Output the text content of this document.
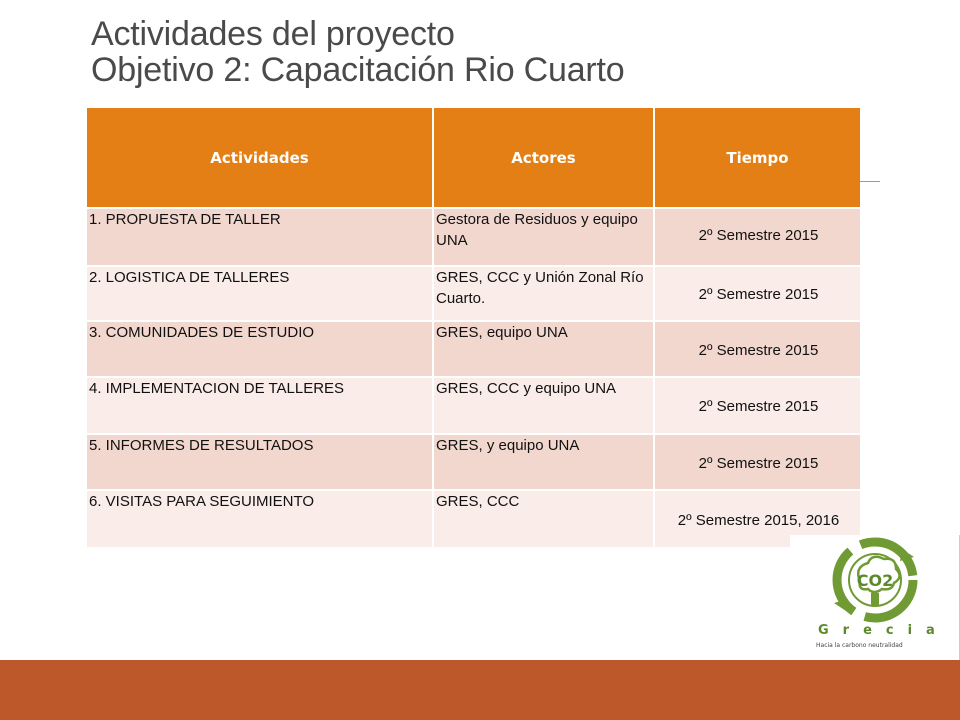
Actividades del proyecto
Objetivo 2: Capacitación Rio Cuarto
Actividades	Actores	Tiempo
1. PROPUESTA DE TALLER	Gestora de Residuos y equipo UNA	2º Semestre 2015
2. LOGISTICA DE TALLERES	GRES, CCC y Unión Zonal Río Cuarto.	2º Semestre 2015
3. COMUNIDADES DE ESTUDIO	GRES, equipo UNA	2º Semestre 2015
4. IMPLEMENTACION DE TALLERES	GRES, CCC y equipo UNA	2º Semestre 2015
5. INFORMES DE RESULTADOS	GRES, y equipo UNA	2º Semestre 2015
6. VISITAS PARA SEGUIMIENTO	GRES, CCC	2º Semestre 2015, 2016
CO2
Grecia
Hacia la carbono neutralidad
